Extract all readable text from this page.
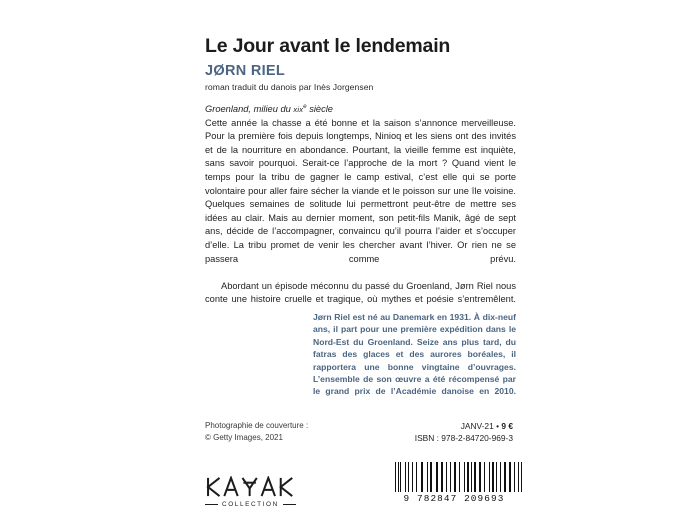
Le Jour avant le lendemain
JØRN RIEL
roman traduit du danois par Inès Jorgensen
Groenland, milieu du xix$^e$ siècle

Cette année la chasse a été bonne et la saison s’annonce merveilleuse. Pour la première fois depuis longtemps, Ninioq et les siens ont des invités et de la nourriture en abondance. Pourtant, la vieille femme est inquiète, sans savoir pourquoi. Serait-ce l’approche de la mort ? Quand vient le temps pour la tribu de gagner le camp estival, c’est elle qui se porte volontaire pour aller faire sécher la viande et le poisson sur une île voisine. Quelques semaines de solitude lui permettront peut-être de mettre ses idées au clair. Mais au dernier moment, son petit-fils Manik, âgé de sept ans, décide de l’accompagner, convaincu qu’il pourra l’aider et s’occuper d’elle. La tribu promet de venir les chercher avant l’hiver. Or rien ne se passera comme prévu.

Abordant un épisode méconnu du passé du Groenland, Jørn Riel nous conte une histoire cruelle et tragique, où mythes et poésie s’entremêlent.

Jørn Riel est né au Danemark en 1931. À dix-neuf ans, il part pour une première expédition dans le Nord-Est du Groenland. Seize ans plus tard, du fatras des glaces et des aurores boréales, il rapportera une bonne vingtaine d’ouvrages. L’ensemble de son œuvre a été récompensé par le grand prix de l’Académie danoise en 2010.
Photographie de couverture :
© Getty Images, 2021
JANV-21 • 9 €
ISBN : 978-2-84720-969-3
9 782847 209693
COLLECTION
